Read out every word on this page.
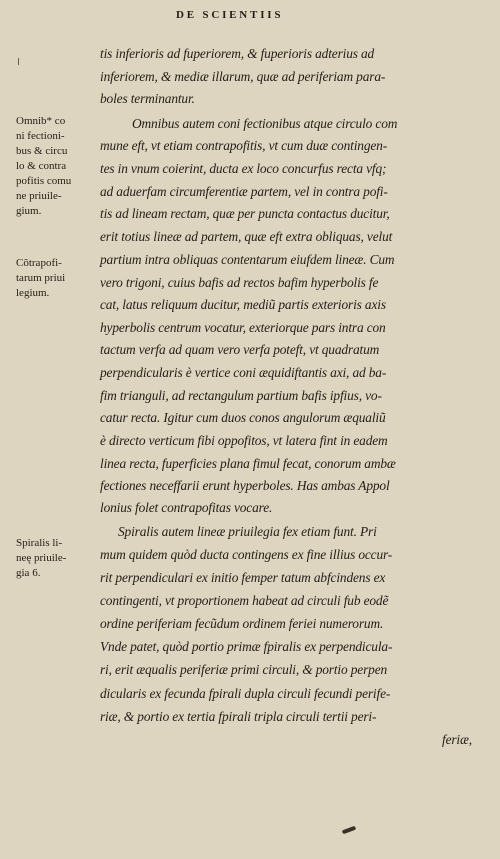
DE SCIENTIIS
Omnib* co
ni fectioni-
bus & circu
lo & contra
pofitis comu
ne priuile-
gium.
Cõtrapofi-
tarum priui
legium.
Spiralis li-
neę priuile-
gia 6.
tis inferioris ad fuperiorem, & fuperioris adterius ad
inferiorem, & mediæ illarum, quæ ad periferiam para-
boles terminantur.
Omnibus autem coni fectionibus atque circulo com
mune eft, vt etiam contrapofitis, vt cum duæ contingen-
tes in vnum coierint, ducta ex loco concurfus recta vfq;
ad aduerfam circumferentiæ partem, vel in contra pofi-
tis ad lineam rectam, quæ per puncta contactus ducitur,
erit totius lineæ ad partem, quæ eft extra obliquas, velut
partium intra obliquas contentarum eiufdem lineæ. Cum
vero trigoni, cuius bafis ad rectos bafim hyperbolis fe
cat, latus reliquum ducitur, mediũ partis exterioris axis
hyperbolis centrum vocatur, exteriorque pars intra con
tactum verfa ad quam vero verfa poteft, vt quadratum
perpendicularis è vertice coni æquidiftantis axi, ad ba-
fim trianguli, ad rectangulum partium bafis ipfius, vo-
catur recta. Igitur cum duos conos angulorum æqualiũ
è directo verticum fibi oppofitos, vt latera fint in eadem
linea recta, fuperficies plana fimul fecat, conorum ambæ
fectiones neceffarii erunt hyperboles. Has ambas Appol
lonius folet contrapofitas vocare.
Spiralis autem lineæ priuilegia fex etiam funt. Pri
mum quidem quòd ducta contingens ex fine illius occur-
rit perpendiculari ex initio femper tatum abfcindens ex
contingenti, vt proportionem habeat ad circuli fub eodẽ
ordine periferiam fecũdum ordinem feriei numerorum.
Vnde patet, quòd portio primæ fpiralis ex perpendicula-
ri, erit æqualis periferiæ primi circuli, & portio perpen
dicularis ex fecunda fpirali dupla circuli fecundi perife-
riæ, & portio ex tertia fpirali tripla circuli tertii peri-
feriæ,
